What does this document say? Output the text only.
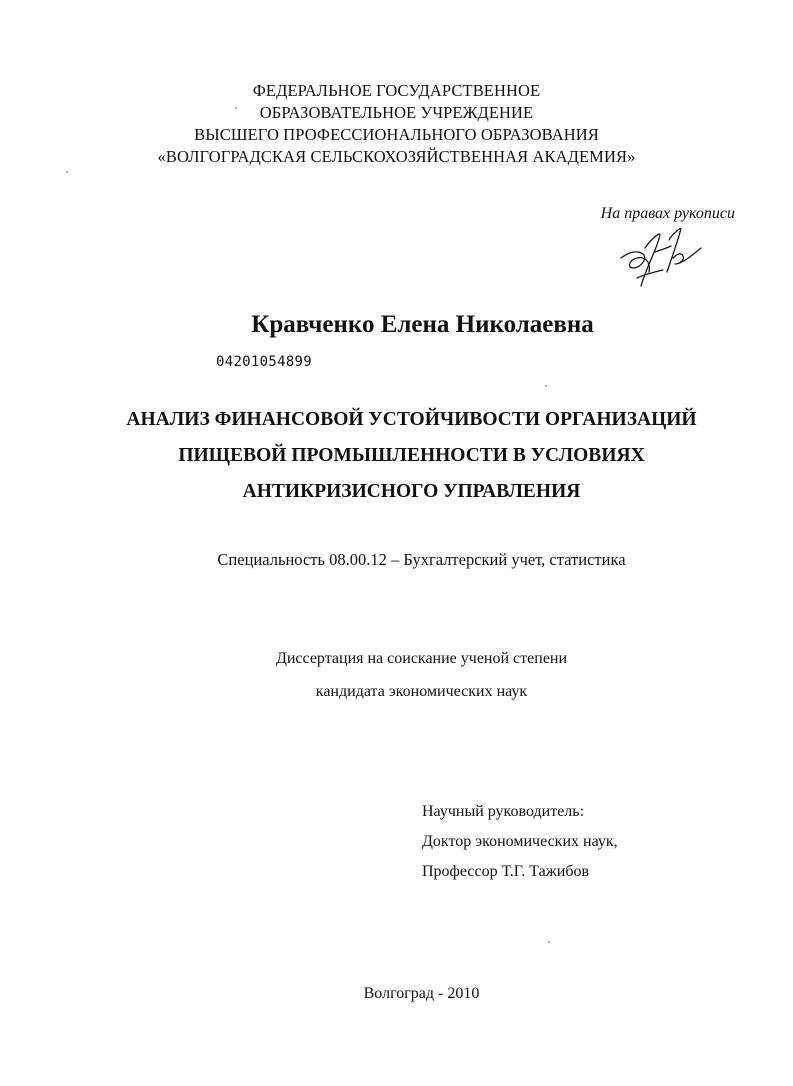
ФЕДЕРАЛЬНОЕ ГОСУДАРСТВЕННОЕ
ОБРАЗОВАТЕЛЬНОЕ УЧРЕЖДЕНИЕ
ВЫСШЕГО ПРОФЕССИОНАЛЬНОГО ОБРАЗОВАНИЯ
«ВОЛГОГРАДСКАЯ СЕЛЬСКОХОЗЯЙСТВЕННАЯ АКАДЕМИЯ»
На правах рукописи
Кравченко Елена Николаевна
04201054899
АНАЛИЗ ФИНАНСОВОЙ УСТОЙЧИВОСТИ ОРГАНИЗАЦИЙ
ПИЩЕВОЙ ПРОМЫШЛЕННОСТИ В УСЛОВИЯХ
АНТИКРИЗИСНОГО УПРАВЛЕНИЯ
Специальность 08.00.12 – Бухгалтерский учет, статистика
Диссертация на соискание ученой степени
кандидата экономических наук
Научный руководитель:
Доктор экономических наук,
Профессор Т.Г. Тажибов
Волгоград - 2010
